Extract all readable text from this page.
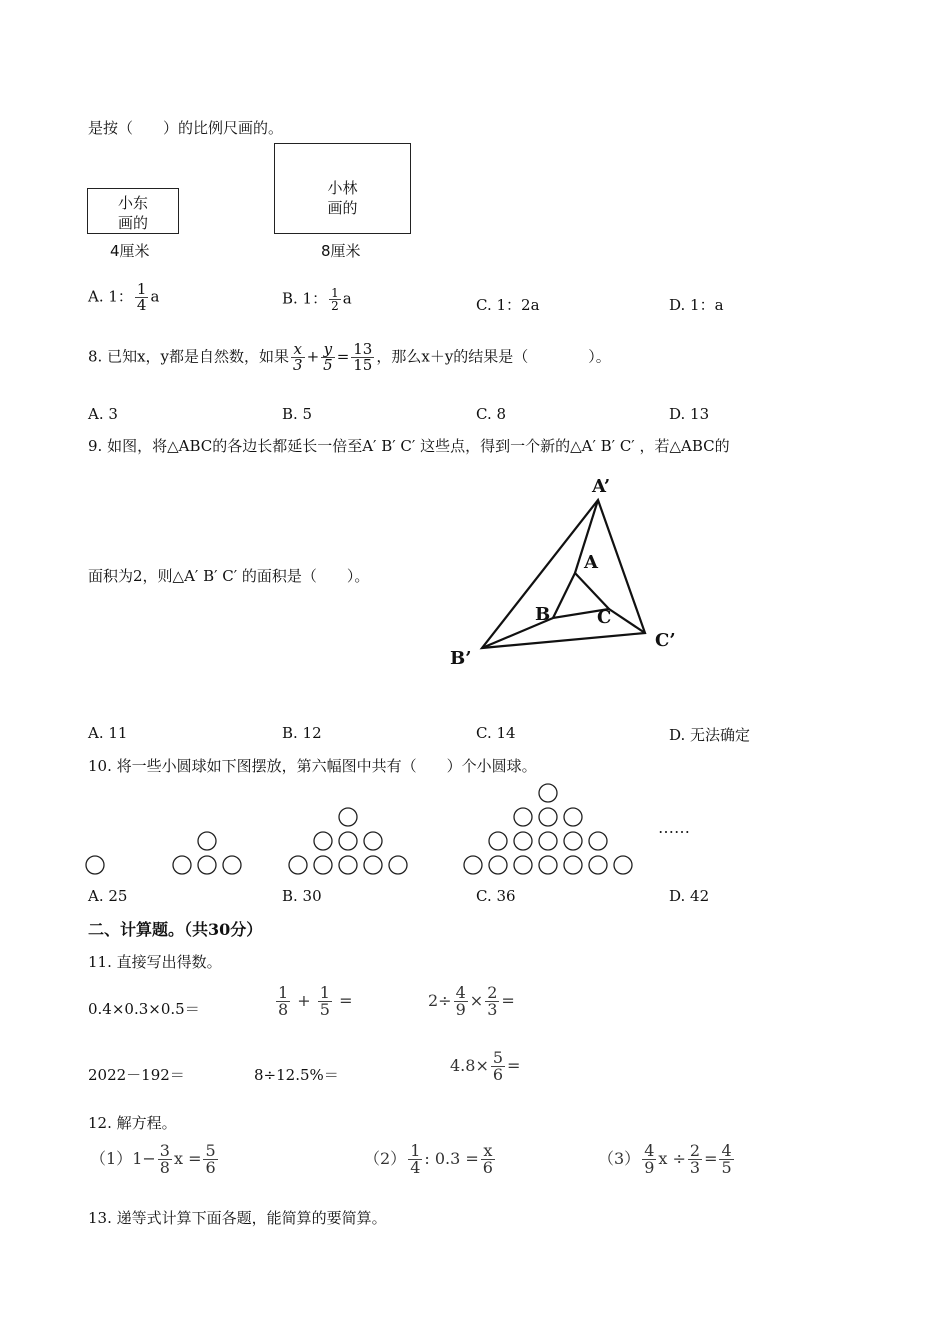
是按（　　）的比例尺画的。
小东
画的
4厘米
小林
画的
8厘米
A. 1： $\frac{1}{4}$ a	B. 1： $\frac{1}{2}$ a	C. 1：2a	D. 1：a
8. 已知x，y都是自然数，如果 $\frac{x}{3} + \frac{y}{5} = \frac{13}{15}$ ，那么x＋y的结果是（　　　　）。
A. 3	B. 5	C. 8	D. 13
9. 如图，将△ABC的各边长都延长一倍至A′ B′ C′ 这些点，得到一个新的△A′ B′ C′ ，若△ABC的
面积为2，则△A′ B′ C′ 的面积是（　　）。
A’
A
B	C
B’
C’
A. 11	B. 12	C. 14	D. 无法确定
10. 将一些小圆球如下图摆放，第六幅图中共有（　　）个小圆球。
……
A. 25	B. 30	C. 36	D. 42
二、计算题。（共30分）
11. 直接写出得数。
0.4×0.3×0.5＝	$\frac{1}{8} + \frac{1}{5}$ =	$2\div \frac{4}{9} \times \frac{2}{3}$ =
2022－192＝	8÷12.5%＝	$4.8\times \frac{5}{6}$ =
12. 解方程。
$(1)1- \frac{3}{8}$ $x = \frac{5}{6}$	$(2) \frac{1}{4}$ : $0.3 = \frac{x}{6}$	$(3) \frac{4}{9}$ $x \div \frac{2}{3} = \frac{4}{5}$
13. 递等式计算下面各题，能简算的要简算。
